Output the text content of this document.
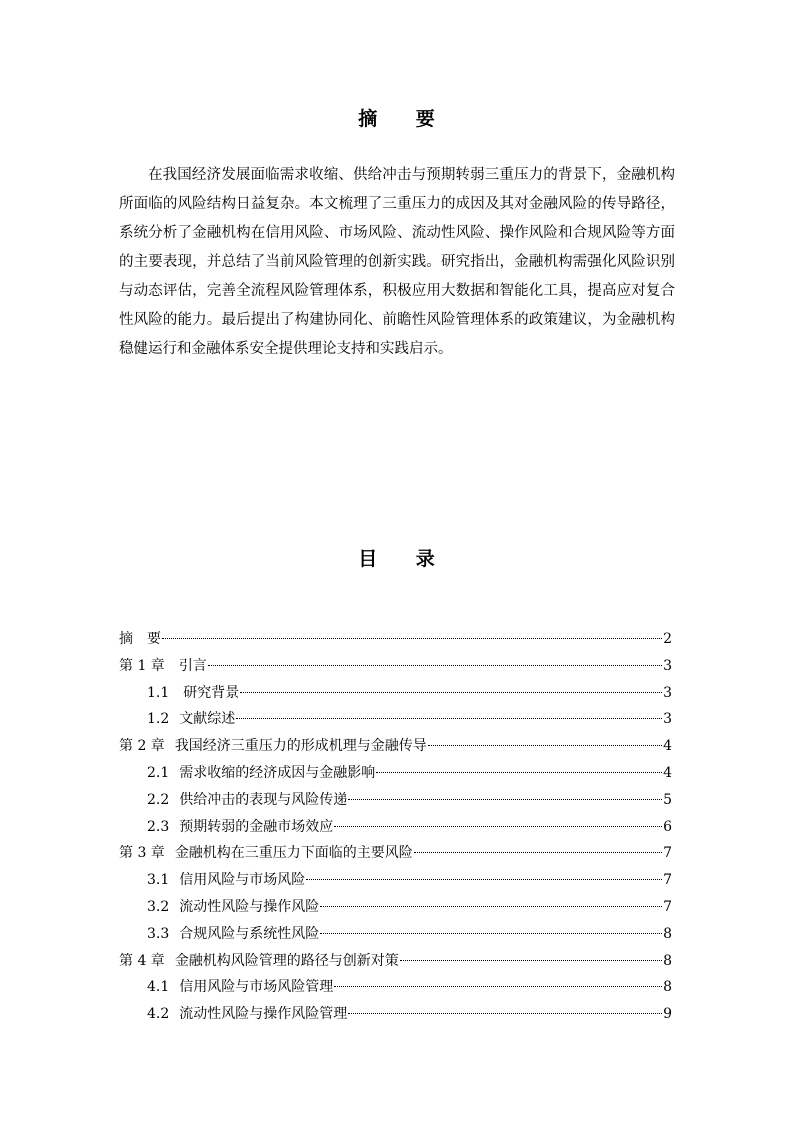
摘 要

在我国经济发展面临需求收缩、供给冲击与预期转弱三重压力的背景下，金融机构所面临的风险结构日益复杂。本文梳理了三重压力的成因及其对金融风险的传导路径，系统分析了金融机构在信用风险、市场风险、流动性风险、操作风险和合规风险等方面的主要表现，并总结了当前风险管理的创新实践。研究指出，金融机构需强化风险识别与动态评估，完善全流程风险管理体系，积极应用大数据和智能化工具，提高应对复合性风险的能力。最后提出了构建协同化、前瞻性风险管理体系的政策建议，为金融机构稳健运行和金融体系安全提供理论支持和实践启示。

目 录
摘　要	2
第 1 章 引言	3
1.1 研究背景	3
1.2 文献综述	3
第 2 章 我国经济三重压力的形成机理与金融传导	4
2.1 需求收缩的经济成因与金融影响	4
2.2 供给冲击的表现与风险传递	5
2.3 预期转弱的金融市场效应	6
第 3 章 金融机构在三重压力下面临的主要风险	7
3.1 信用风险与市场风险	7
3.2 流动性风险与操作风险	7
3.3 合规风险与系统性风险	8
第 4 章 金融机构风险管理的路径与创新对策	8
4.1 信用风险与市场风险管理	8
4.2 流动性风险与操作风险管理	9
